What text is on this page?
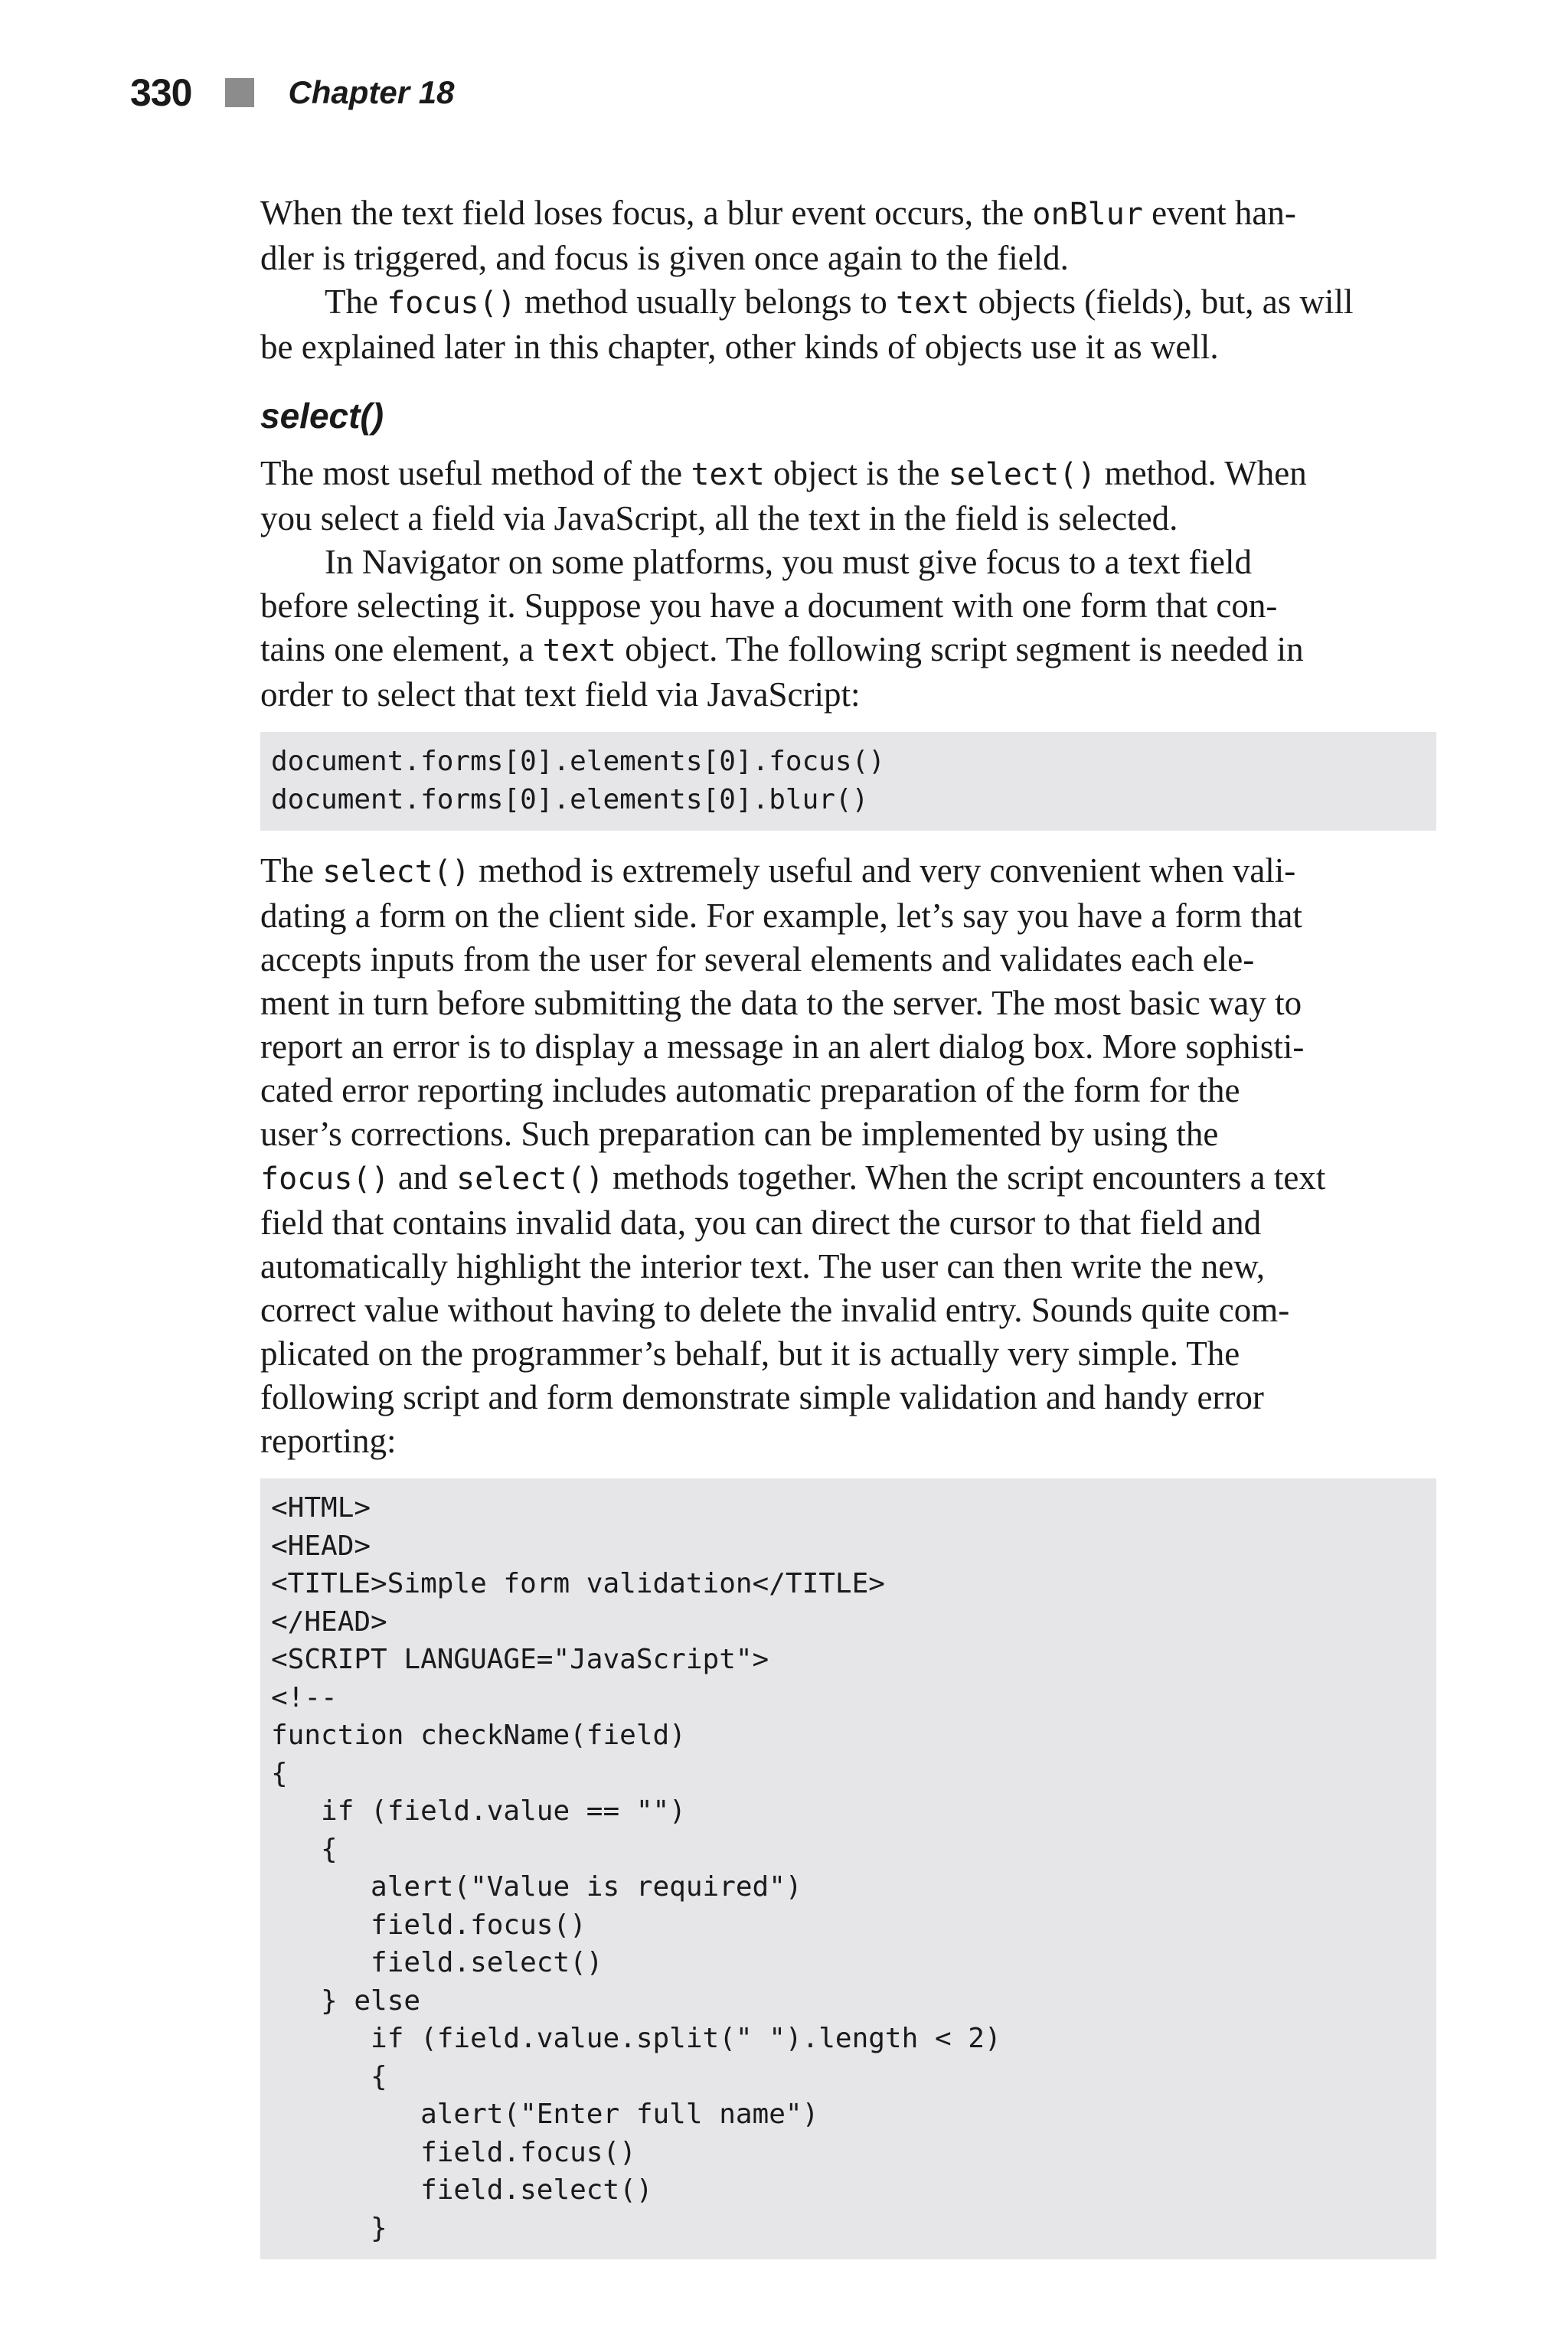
330	Chapter 18

When the text field loses focus, a blur event occurs, the onBlur event han-
dler is triggered, and focus is given once again to the field.

The focus() method usually belongs to text objects (fields), but, as will
be explained later in this chapter, other kinds of objects use it as well.

select()

The most useful method of the text object is the select() method. When
you select a field via JavaScript, all the text in the field is selected.

In Navigator on some platforms, you must give focus to a text field
before selecting it. Suppose you have a document with one form that con-
tains one element, a text object. The following script segment is needed in
order to select that text field via JavaScript:

document.forms[0].elements[0].focus()
document.forms[0].elements[0].blur()

The select() method is extremely useful and very convenient when vali-
dating a form on the client side. For example, let’s say you have a form that
accepts inputs from the user for several elements and validates each ele-
ment in turn before submitting the data to the server. The most basic way to
report an error is to display a message in an alert dialog box. More sophisti-
cated error reporting includes automatic preparation of the form for the
user’s corrections. Such preparation can be implemented by using the
focus() and select() methods together. When the script encounters a text
field that contains invalid data, you can direct the cursor to that field and
automatically highlight the interior text. The user can then write the new,
correct value without having to delete the invalid entry. Sounds quite com-
plicated on the programmer’s behalf, but it is actually very simple. The
following script and form demonstrate simple validation and handy error
reporting:

<HTML>
<HEAD>
<TITLE>Simple form validation</TITLE>
</HEAD>
<SCRIPT LANGUAGE="JavaScript">
<!--
function checkName(field)
{
if (field.value == "")
{
alert("Value is required")
field.focus()
field.select()
} else
if (field.value.split(" ").length < 2)
{
alert("Enter full name")
field.focus()
field.select()
}
